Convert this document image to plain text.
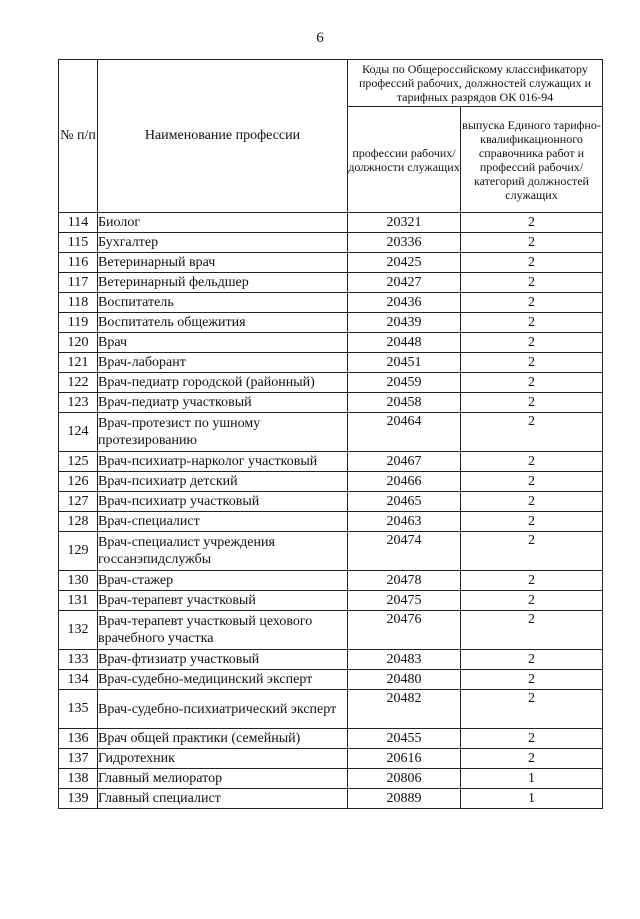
6
№ п/п	Наименование профессии	Коды по Общероссийскому классификатору профессий рабочих, должностей служащих и тарифных разрядов ОК 016-94	
		профессии рабочих/ должности служащих	выпуска Единого тарифно-квалификационного справочника работ и профессий рабочих/категорий должностей служащих
114	Биолог	20321	2
115	Бухгалтер	20336	2
116	Ветеринарный врач	20425	2
117	Ветеринарный фельдшер	20427	2
118	Воспитатель	20436	2
119	Воспитатель общежития	20439	2
120	Врач	20448	2
121	Врач-лаборант	20451	2
122	Врач-педиатр городской (районный)	20459	2
123	Врач-педиатр участковый	20458	2
124	Врач-протезист по ушному протезированию	20464	2
125	Врач-психиатр-нарколог участковый	20467	2
126	Врач-психиатр детский	20466	2
127	Врач-психиатр участковый	20465	2
128	Врач-специалист	20463	2
129	Врач-специалист учреждения госсанэпидслужбы	20474	2
130	Врач-стажер	20478	2
131	Врач-терапевт участковый	20475	2
132	Врач-терапевт участковый цехового врачебного участка	20476	2
133	Врач-фтизиатр участковый	20483	2
134	Врач-судебно-медицинский эксперт	20480	2
135	Врач-судебно-психиатрический эксперт	20482	2
136	Врач общей практики (семейный)	20455	2
137	Гидротехник	20616	2
138	Главный мелиоратор	20806	1
139	Главный специалист	20889	1
